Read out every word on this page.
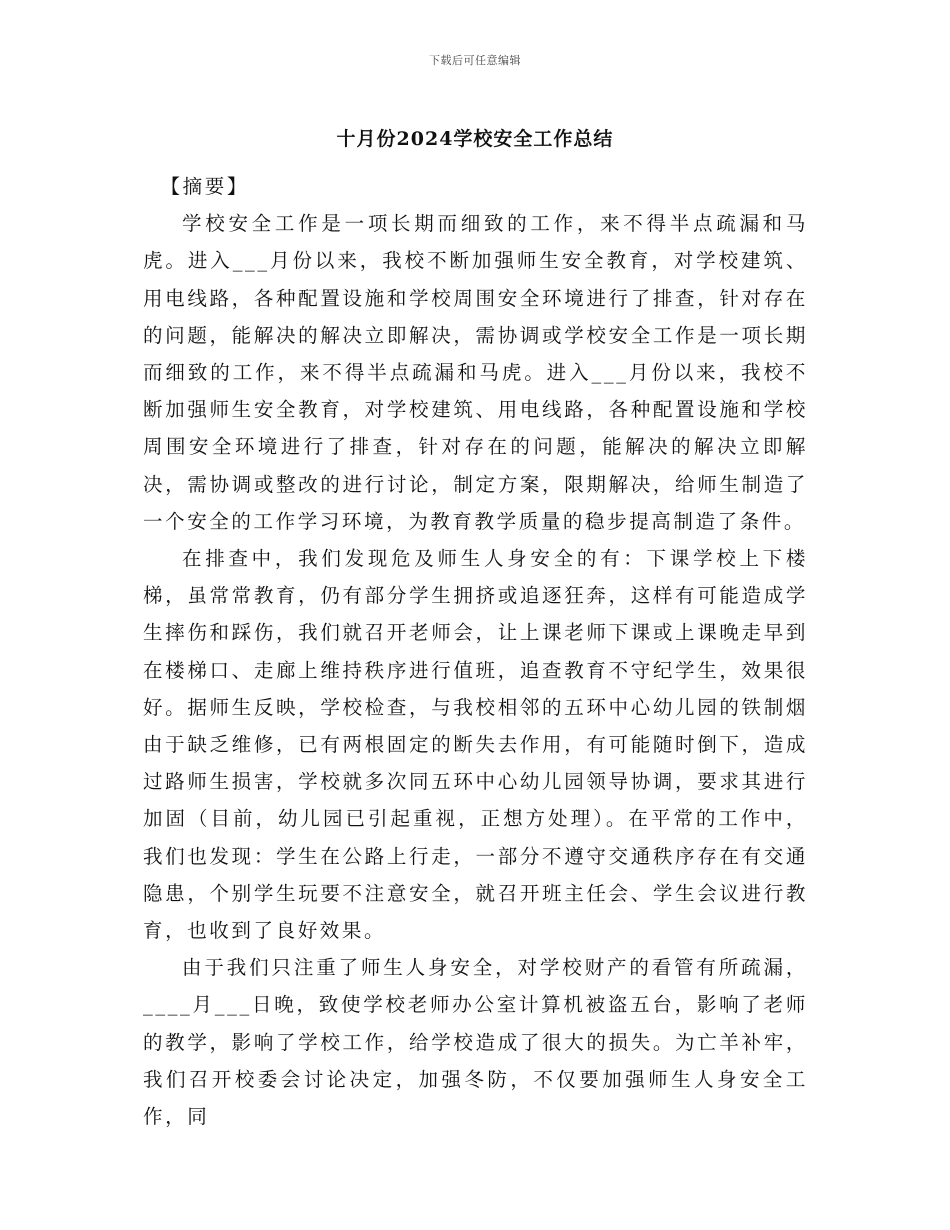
下载后可任意编辑
十月份2024学校安全工作总结

【摘要】

学校安全工作是一项长期而细致的工作，来不得半点疏漏和马虎。进入___月份以来，我校不断加强师生安全教育，对学校建筑、用电线路，各种配置设施和学校周围安全环境进行了排查，针对存在的问题，能解决的解决立即解决，需协调或学校安全工作是一项长期而细致的工作，来不得半点疏漏和马虎。进入___月份以来，我校不断加强师生安全教育，对学校建筑、用电线路，各种配置设施和学校周围安全环境进行了排查，针对存在的问题，能解决的解决立即解决，需协调或整改的进行讨论，制定方案，限期解决，给师生制造了一个安全的工作学习环境，为教育教学质量的稳步提高制造了条件。

在排查中，我们发现危及师生人身安全的有：下课学校上下楼梯，虽常常教育，仍有部分学生拥挤或追逐狂奔，这样有可能造成学生摔伤和踩伤，我们就召开老师会，让上课老师下课或上课晚走早到在楼梯口、走廊上维持秩序进行值班，追查教育不守纪学生，效果很好。据师生反映，学校检查，与我校相邻的五环中心幼儿园的铁制烟由于缺乏维修，已有两根固定的断失去作用，有可能随时倒下，造成过路师生损害，学校就多次同五环中心幼儿园领导协调，要求其进行加固（目前，幼儿园已引起重视，正想方处理）。在平常的工作中，我们也发现：学生在公路上行走，一部分不遵守交通秩序存在有交通隐患，个别学生玩要不注意安全，就召开班主任会、学生会议进行教育，也收到了良好效果。

由于我们只注重了师生人身安全，对学校财产的看管有所疏漏，____月___日晚，致使学校老师办公室计算机被盗五台，影响了老师的教学，影响了学校工作，给学校造成了很大的损失。为亡羊补牢，我们召开校委会讨论决定，加强冬防，不仅要加强师生人身安全工作，同
